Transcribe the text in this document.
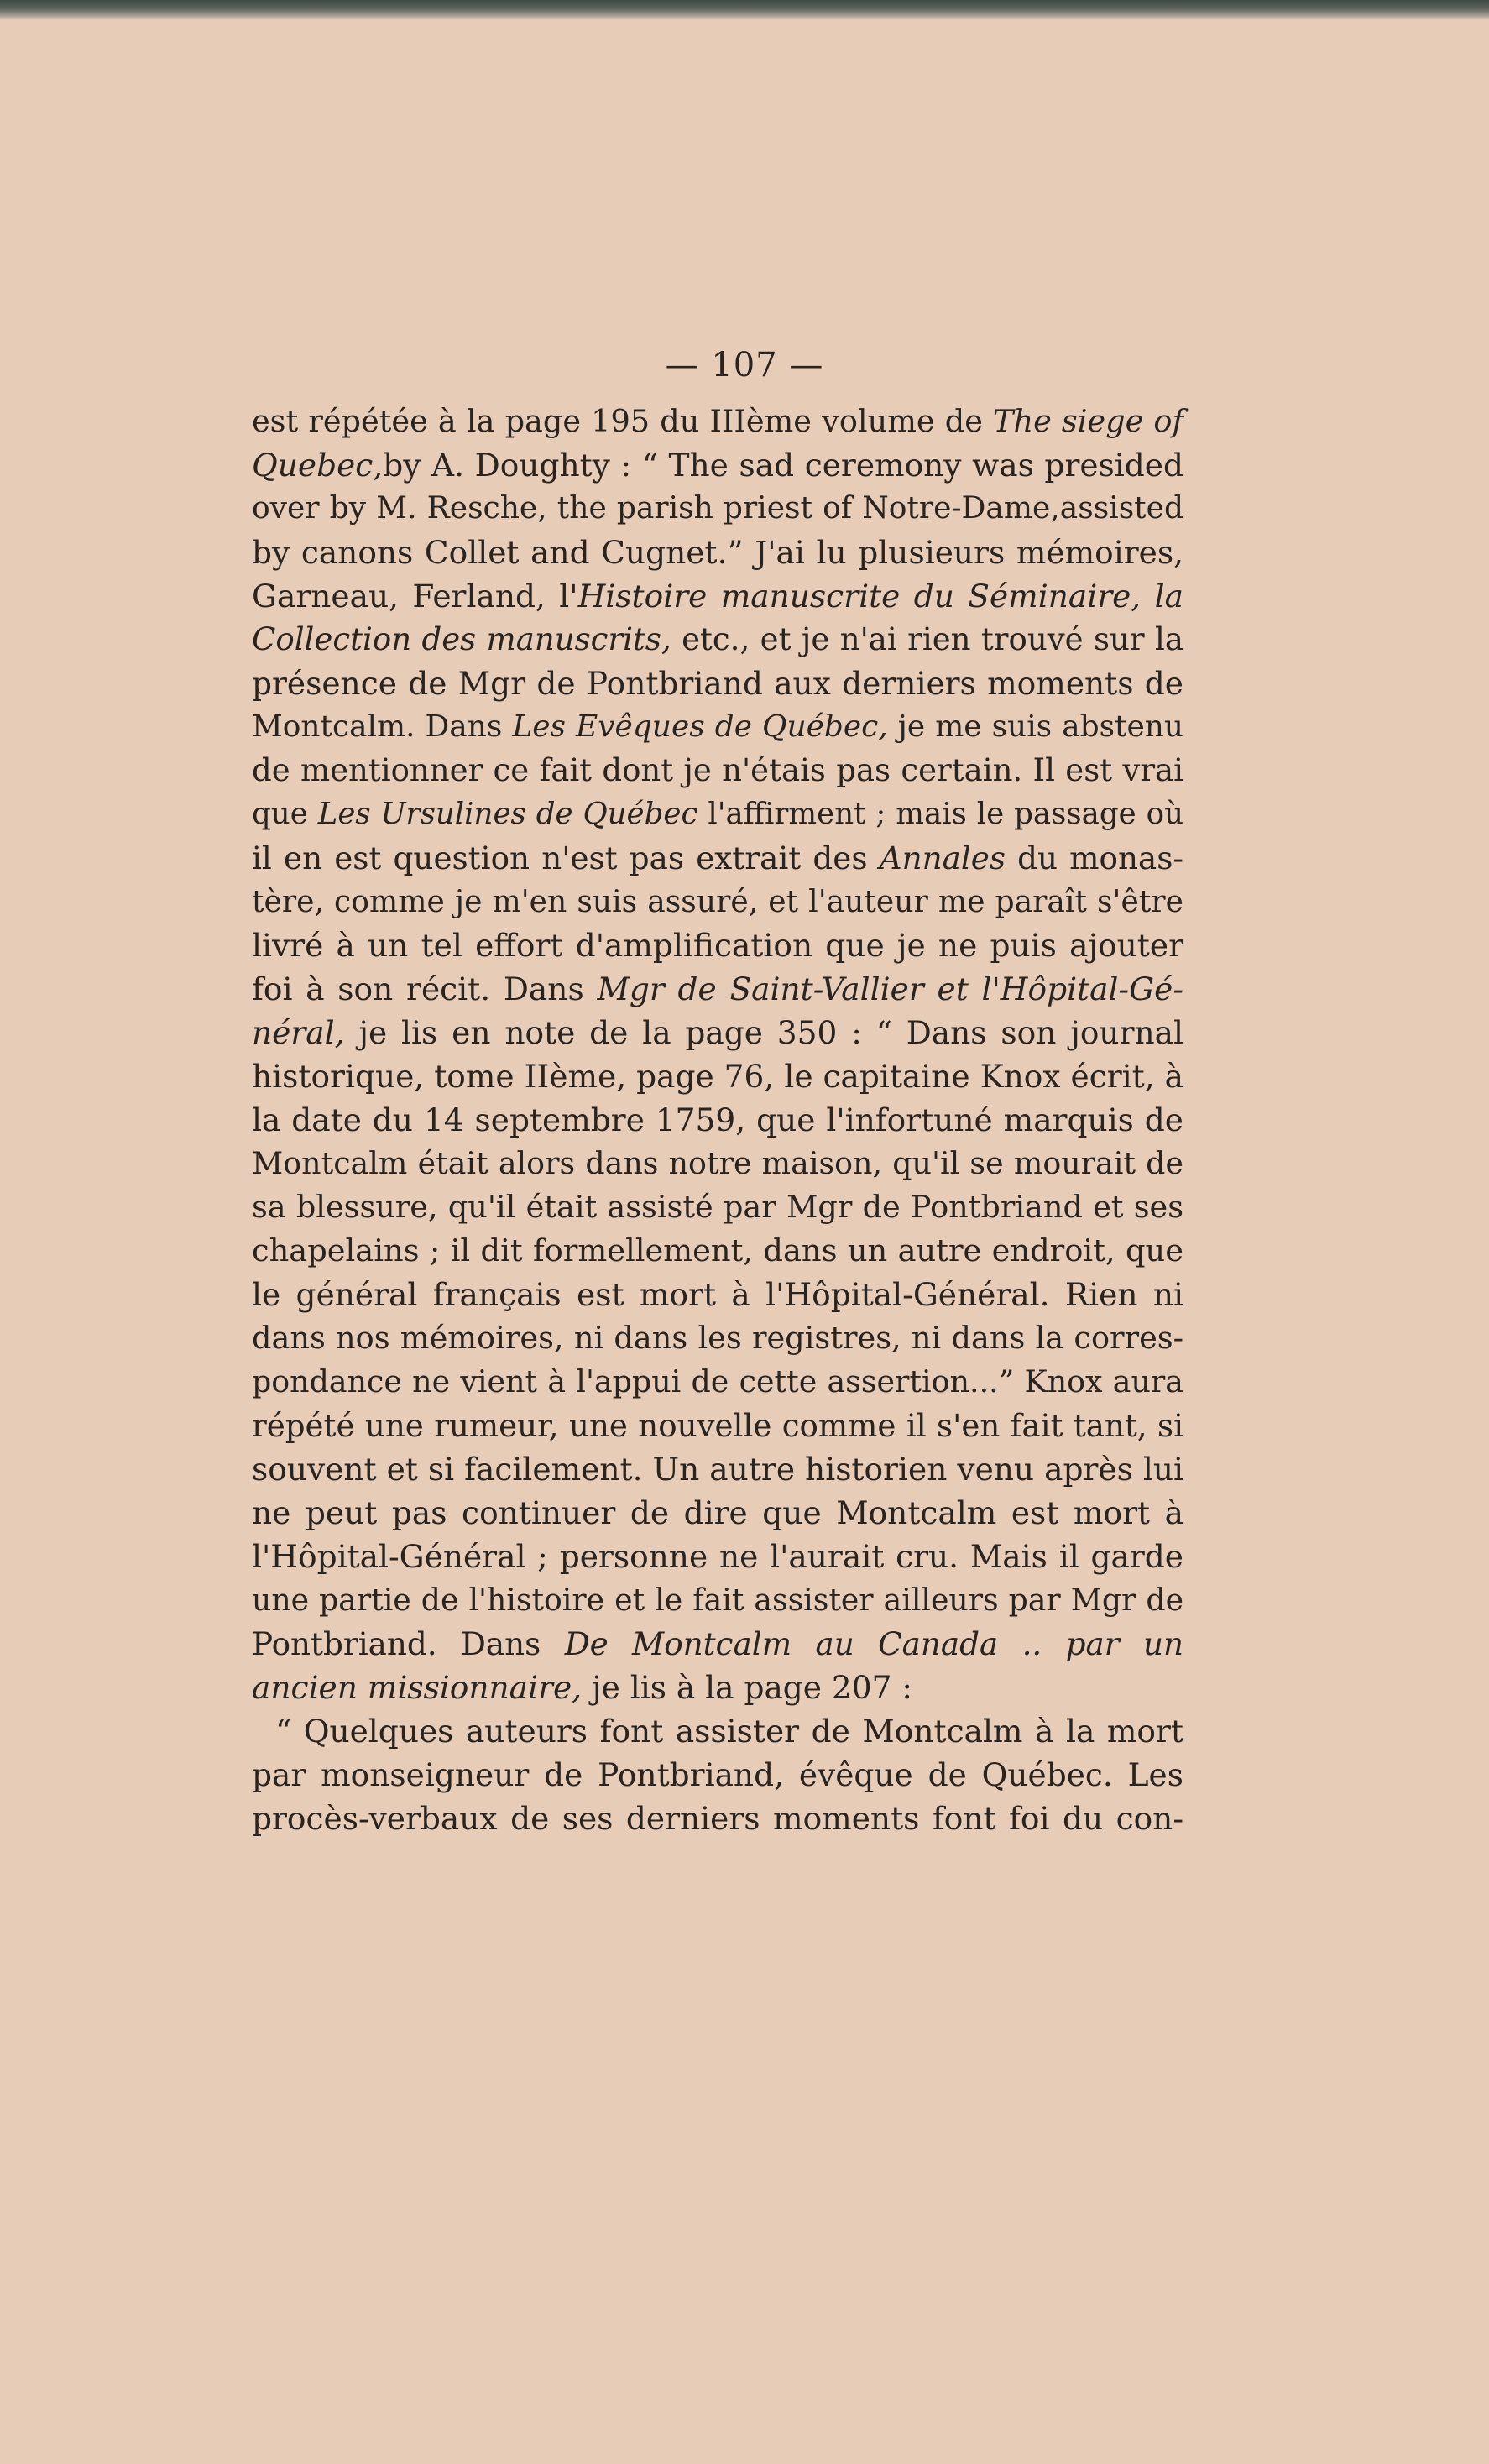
— 107 —
est répétée à la page 195 du IIIème volume de The siege of
Quebec,by A. Doughty : “ The sad ceremony was presided
over by M. Resche, the parish priest of Notre-Dame,assisted
by canons Collet and Cugnet.” J'ai lu plusieurs mémoires,
Garneau, Ferland, l'Histoire manuscrite du Séminaire, la
Collection des manuscrits, etc., et je n'ai rien trouvé sur la
présence de Mgr de Pontbriand aux derniers moments de
Montcalm. Dans Les Evêques de Québec, je me suis abstenu
de mentionner ce fait dont je n'étais pas certain. Il est vrai
que Les Ursulines de Québec l'affirment ; mais le passage où
il en est question n'est pas extrait des Annales du monas-
tère, comme je m'en suis assuré, et l'auteur me paraît s'être
livré à un tel effort d'amplification que je ne puis ajouter
foi à son récit. Dans Mgr de Saint-Vallier et l'Hôpital-Gé-
néral, je lis en note de la page 350 : “ Dans son journal
historique, tome IIème, page 76, le capitaine Knox écrit, à
la date du 14 septembre 1759, que l'infortuné marquis de
Montcalm était alors dans notre maison, qu'il se mourait de
sa blessure, qu'il était assisté par Mgr de Pontbriand et ses
chapelains ; il dit formellement, dans un autre endroit, que
le général français est mort à l'Hôpital-Général. Rien ni
dans nos mémoires, ni dans les registres, ni dans la corres-
pondance ne vient à l'appui de cette assertion...” Knox aura
répété une rumeur, une nouvelle comme il s'en fait tant, si
souvent et si facilement. Un autre historien venu après lui
ne peut pas continuer de dire que Montcalm est mort à
l'Hôpital-Général ; personne ne l'aurait cru. Mais il garde
une partie de l'histoire et le fait assister ailleurs par Mgr de
Pontbriand. Dans De Montcalm au Canada .. par un
ancien missionnaire, je lis à la page 207 :
“ Quelques auteurs font assister de Montcalm à la mort
par monseigneur de Pontbriand, évêque de Québec. Les
procès-verbaux de ses derniers moments font foi du con-
